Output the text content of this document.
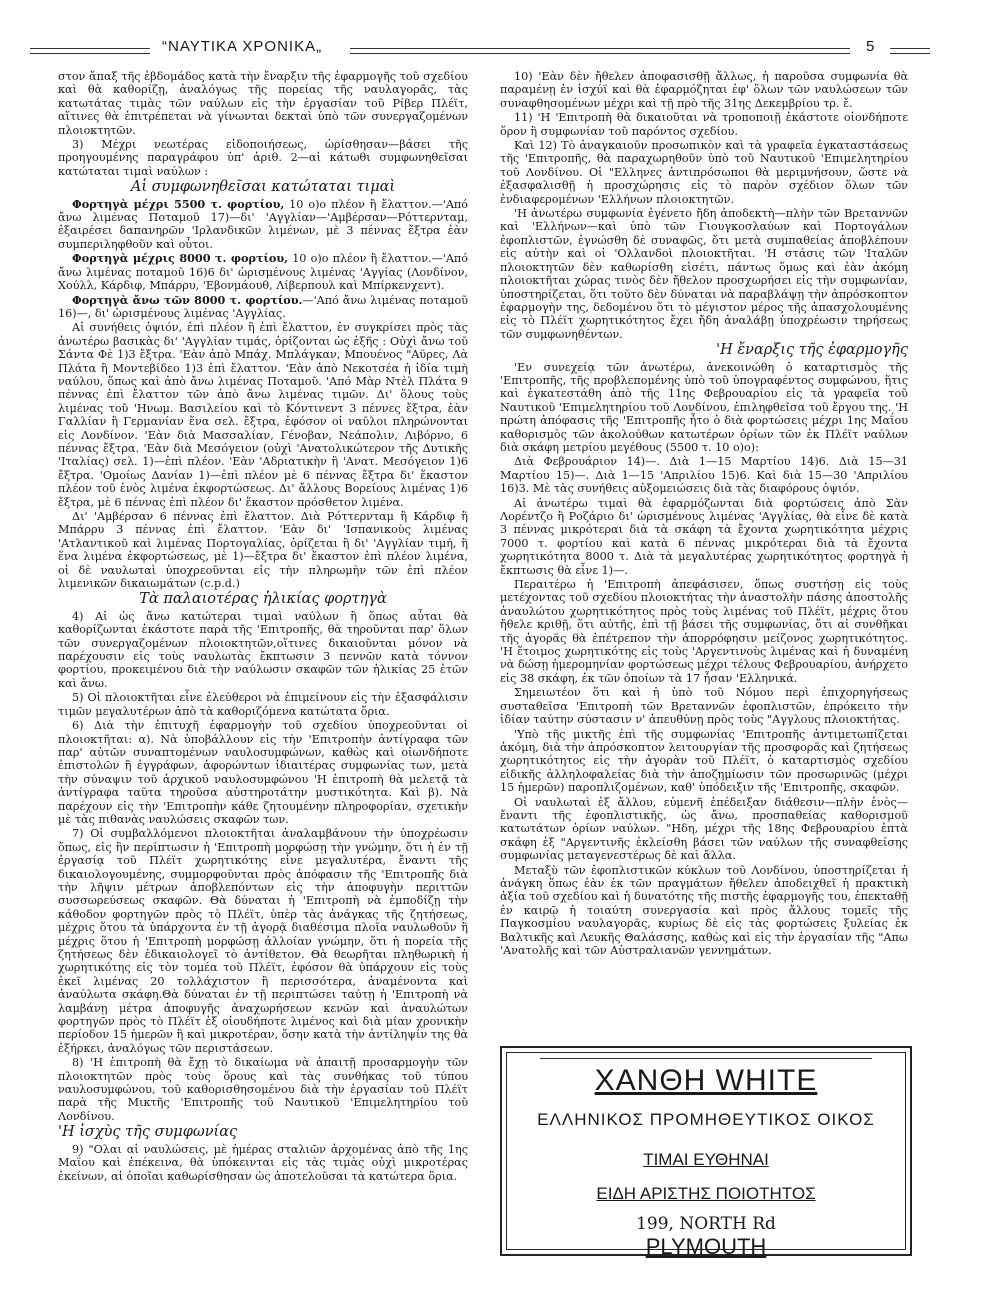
“ΝΑΥΤΙΚΑ ΧΡΟΝΙΚΑ„	5

στον ἅπαξ τῆς ἑβδομάδος κατὰ τὴν ἔναρξιν τῆς ἐφαρμογῆς τοῦ σχεδίου καὶ θὰ καθορίζῃ, ἀναλόγως τῆς πορείας τῆς ναυλαγορᾶς, τὰς κατωτάτας τιμὰς τῶν ναύλων εἰς τὴν ἐργασίαν τοῦ Ρίβερ Πλέϊτ, αἵτινες θὰ ἐπιτρέπεται νὰ γίνωνται δεκταὶ ὑπὸ τῶν συνεργαζομένων πλοιοκτητῶν.

3) Μέχρι νεωτέρας εἰδοποιήσεως, ὡρίσθησαν—βάσει τῆς προηγουμένης παραγράφου ὑπ' ἀριθ. 2—αἱ κάτωθι συμφωνηθεῖσαι κατώταται τιμαὶ ναύλων :

Αἱ συμφωνηθεῖσαι κατώταται τιμαὶ

Φορτηγὰ μέχρι 5500 τ. φορτίου, 10 ο)ο πλέον ἢ ἔλαττον.—'Από ἄνω λιμένας Ποταμοῦ 17)—δι' 'Αγγλίαν—'Αμβέρσαν—Ρόττερνταμ, ἐξαιρέσει δαπανηρῶν 'Ιρλανδικῶν λιμένων, μὲ 3 πέννας ἔξτρα ἐὰν συμπεριληφθοῦν καὶ οὗτοι.

Φορτηγὰ μέχρις 8000 τ. φορτίου, 10 ο)ο πλέον ἢ ἔλαττον.—'Από ἄνω λιμένας ποταμοῦ 16)6 δι' ὡρισμένους λιμένας 'Αγγίας (Λονδίνον, Χούλλ, Κάρδιφ, Μπάρρυ, 'Εβονμάουθ, Λίβερπουλ καὶ Μπίρκενχεντ).

Φορτηγὰ ἄνω τῶν 8000 τ. φορτίου.—'Από ἄνω λιμένας ποταμοῦ 16)—, δι' ὡρισμένους λιμένας 'Αγγλίας.

Αἱ συνήθεις ὀψιόν, ἐπὶ πλέον ἢ ἐπὶ ἔλαττον, ἐν συγκρίσει πρὸς τὰς ἀνωτέρω βασικὰς δι' 'Αγγλίαν τιμάς, ὁρίζονται ὡς ἑξῆς : Οὐχὶ ἄνω τοῦ Σάντα Φὲ 1)3 ἔξτρα. 'Εὰν ἀπὸ Μπάχ. Μπλάγκαν, Μπουένος "Αϋρες, Λὰ Πλάτα ἢ Μοντεβίδεο 1)3 ἐπὶ ἔλαττον. 'Εὰν ἀπὸ Νεκοτσέα ἡ ἰδία τιμὴ ναύλου, ὅπως καὶ ἀπὸ ἄνω λιμένας Ποταμοῦ. 'Από Μὰρ Ντὲλ Πλάτα 9 πέννας ἐπὶ ἔλαττον τῶν ἀπὸ ἄνω λιμένας τιμῶν. Δι' ὅλους τοὺς λιμένας τοῦ 'Ηνωμ. Βασιλείου καὶ τὸ Κόντινεντ 3 πέννες ἔξτρα, ἐὰν Γαλλίαν ἢ Γερμανίαν ἕνα σελ. ἔξτρα, ἐφόσον οἱ ναῦλοι πληρώνονται εἰς Λονδίνον. 'Εὰν διὰ Μασσαλίαν, Γένοβαν, Νεάπολιν, Λιβόρνο, 6 πέννας ἔξτρα. 'Εὰν διὰ Μεσόγειον (οὐχὶ 'Ανατολικώτερον τῆς Δυτικῆς 'Ιταλίας) σελ. 1)—ἐπὶ πλέον. 'Εὰν 'Αδριατικὴν ἢ 'Ανατ. Μεσόγειον 1)6 ἔξτρα. 'Ομοίως Δανίαν 1)—ἐπὶ πλέον μὲ 6 πέννας ἔξτρα δι' ἕκαστον πλέον τοῦ ἑνὸς λιμένα ἐκφορτώσεως. Δι' ἄλλους Βορείους λιμένας 1)6 ἔξτρα, μὲ 6 πέννας ἐπὶ πλέον δι' ἕκαστον πρόσθετον λιμένα.

Δι' 'Αμβέρσαν 6 πέννας ἐπὶ ἔλαττον. Διὰ Ρόττερνταμ ἢ Κάρδιφ ἢ Μπάρρυ 3 πέννας ἐπὶ ἔλαττον. 'Εὰν δι' 'Ισπανικοὺς λιμένας 'Ατλαντικοῦ καὶ λιμένας Πορτογαλίας, ὁρίζεται ἢ δι' 'Αγγλίαν τιμή, ἢ ἕνα λιμένα ἐκφορτώσεως, μὲ 1)—ἔξτρα δι' ἕκαστον ἐπὶ πλέον λιμένα, οἱ δὲ ναυλωταὶ ὑποχρεοῦνται εἰς τὴν πληρωμὴν τῶν ἐπὶ πλέον λιμενικῶν δικαιωμάτων (c.p.d.)

Τὰ παλαιοτέρας ἡλικίας φορτηγὰ

4) Αἱ ὡς ἄνω κατώτεραι τιμαὶ ναύλων ἢ ὅπως αὗται θὰ καθορίζωνται ἑκάστοτε παρὰ τῆς 'Επιτροπῆς, θὰ τηροῦνται παρ' ὅλων τῶν συνεργαζομένων πλοιοκτητῶν,οἵτινες δικαιοῦνται μόνον νὰ παρέχουσιν εἰς τοὺς ναυλωτὰς ἔκπτωσιν 3 πεννῶν κατὰ τόννον φορτίου, προκειμένου διὰ τὴν ναύλωσιν σκαφῶν τῶν ἡλικίας 25 ἐτῶν καὶ ἄνω.

5) Οἱ πλοιοκτῆται εἶνε ἐλεύθεροι νὰ ἐπιμείνουν εἰς τὴν ἐξασφάλισιν τιμῶν μεγαλυτέρων ἀπὸ τὰ καθοριζόμενα κατώτατα ὅρια.

6) Διὰ τὴν ἐπιτυχῆ ἐφαρμογὴν τοῦ σχεδίου ὑποχρεοῦνται οἱ πλοιοκτῆται: α). Νὰ ὑποβάλλουν εἰς τὴν 'Επιτροπὴν ἀντίγραφα τῶν παρ' αὐτῶν συναπτομένων ναυλοσυμφώνων, καθὼς καὶ οἱωνδήποτε ἐπιστολῶν ἢ ἐγγράφων, ἀφορώντων ἰδιαιτέρας συμφωνίας των, μετὰ τὴν σύναψιν τοῦ ἀρχικοῦ ναυλοσυμφώνου 'Η ἐπιτροπὴ θὰ μελετᾷ τὰ ἀντίγραφα ταῦτα τηροῦσα αὐστηροτάτην μυστικότητα. Καὶ β). Νὰ παρέχουν εἰς τὴν 'Επιτροπὴν κάθε ζητουμένην πληροφορίαν, σχετικὴν μὲ τὰς πιθανὰς ναυλώσεις σκαφῶν των.

7) Οἱ συμβαλλόμενοι πλοιοκτῆται ἀναλαμβάνουν τὴν ὑποχρέωσιν ὅπως, εἰς ἣν περίπτωσιν ἡ 'Επιτροπὴ μορφώσῃ τὴν γνώμην, ὅτι ἡ ἐν τῇ ἐργασίᾳ τοῦ Πλέϊτ χωρητικότης εἶνε μεγαλυτέρα, ἔναντι τῆς δικαιολογουμένης, συμμορφοῦνται πρὸς ἀπόφασιν τῆς 'Επιτροπῆς διὰ τὴν λῆψιν μέτρων ἀποβλεπόντων εἰς τὴν ἀποφυγὴν περιττῶν συσσωρεύσεως σκαφῶν. Θὰ δύναται ἡ 'Επιτροπὴ νὰ ἐμποδίζῃ τὴν κάθοδον φορτηγῶν πρὸς τὸ Πλέϊτ, ὑπὲρ τὰς ἀνάγκας τῆς ζητήσεως, μέχρις ὅτου τὰ ὑπάρχοντα ἐν τῇ ἀγορᾷ διαθέσιμα πλοῖα ναυλωθοῦν ἢ μέχρις ὅτου ἡ 'Επιτροπὴ μορφώσῃ ἀλλοίαν γνώμην, ὅτι ἡ πορεία τῆς ζητήσεως δὲν ἐδικαιολογεῖ τὸ ἀντίθετον. Θὰ θεωρῆται πληθωρικὴ ἡ χωρητικότης εἰς τὸν τομέα τοῦ Πλέϊτ, ἐφόσον θὰ ὑπάρχουν εἰς τοὺς ἐκεῖ λιμένας 20 τολλάχιστον ἢ περισσότερα, ἀναμένοντα καὶ ἀναύλωτα σκάφη.Θὰ δύναται ἐν τῇ περιπτώσει ταύτῃ ἡ 'Επιτροπὴ νὰ λαμβάνῃ μέτρα ἀποφυγῆς ἀναχωρήσεων κενῶν καὶ ἀναυλώτων φορτηγῶν πρὸς τὸ Πλέϊτ ἐξ οἱουδήποτε λιμένος καὶ διὰ μίαν χρονικὴν περίοδον 15 ἡμερῶν ἢ καὶ μικροτέραν, ὅσην κατὰ τὴν ἀντίληψίν της θὰ ἐξήρκει, ἀναλόγως τῶν περιστάσεων.

8) 'Η ἐπιτροπὴ θὰ ἔχῃ τὸ δικαίωμα νὰ ἀπαιτῇ προσαρμογὴν τῶν πλοιοκτητῶν πρὸς τοὺς ὅρους καὶ τὰς συνθήκας τοῦ τύπου ναυλοσυμφώνου, τοῦ καθορισθησομένου διὰ τὴν ἐργασίαν τοῦ Πλέϊτ παρὰ τῆς Μικτῆς 'Επιτροπῆς τοῦ Ναυτικοῦ 'Επιμελητηρίου τοῦ Λονδίνου.

'Η ἰσχὺς τῆς συμφωνίας

9) "Ολαι αἱ ναυλώσεις, μὲ ἡμέρας σταλιῶν ἀρχομένας ἀπὸ τῆς 1ης Μαΐου καὶ ἐπέκεινα, θὰ ὑπόκεινται εἰς τὰς τιμὰς οὐχὶ μικροτέρας ἐκείνων, αἱ ὁποῖαι καθωρίσθησαν ὡς ἀποτελοῦσαι τὰ κατώτερα ὅρια.

10) 'Εὰν δὲν ἤθελεν ἀποφασισθῇ ἄλλως, ἡ παροῦσα συμφωνία θὰ παραμένῃ ἐν ἰσχύϊ καὶ θὰ ἐφαρμόζηται ἐφ' ὅλων τῶν ναυλώσεων τῶν συναφθησομένων μέχρι καὶ τῇ πρὸ τῆς 31ης Δεκεμβρίου τρ. ἔ.

11) 'Η 'Επιτροπὴ θὰ δικαιοῦται νὰ τροποποιῇ ἑκάστοτε οἱονδήποτε ὅρον ἢ συμφωνίαν τοῦ παρόντος σχεδίου.

Καὶ 12) Τὸ ἀναγκαιοῦν προσωπικὸν καὶ τὰ γραφεῖα ἐγκαταστάσεως τῆς 'Επιτροπῆς, θὰ παραχωρηθοῦν ὑπὸ τοῦ Ναυτικοῦ 'Επιμελητηρίου τοῦ Λονδίνου. Οἱ "Ελληνες ἀντιπρόσωποι θὰ μεριμνήσουν, ὥστε νὰ ἐξασφαλισθῇ ἡ προσχώρησις εἰς τὸ παρὸν σχέδιον ὅλων τῶν ἐνδιαφερομένων 'Ελλήνων πλοιοκτητῶν.

'Η ἀνωτέρω συμφωνία ἐγένετο ἤδη ἀποδεκτὴ—πλὴν τῶν Βρεταννῶν καὶ 'Ελλήνων—καὶ ὑπὸ τῶν Γιουγκοσλαύων καὶ Πορτογάλων ἐφοπλιστῶν, ἐγνώσθη δὲ συναφῶς, ὅτι μετὰ συμπαθείας ἀποβλέπουν εἰς αὐτὴν καὶ οἱ 'Ολλανδοὶ πλοιοκτῆται. 'Η στάσις τῶν 'Ιταλῶν πλοιοκτητῶν δὲν καθωρίσθη εἰσέτι, πάντως ὅμως καὶ ἐὰν ἀκόμη πλοιοκτῆται χώρας τινὸς δὲν ἤθελον προσχωρήσει εἰς τὴν συμφωνίαν, ὑποστηρίζεται, ὅτι τοῦτο δὲν δύναται νὰ παραβλάψῃ τὴν ἀπρόσκοπτον ἐφαρμογὴν της, δεδομένου ὅτι τὸ μέγιστον μέρος τῆς ἀπασχολουμένης εἰς τὸ Πλέϊτ χωρητικότητος ἔχει ἤδη ἀναλάβῃ ὑποχρέωσιν τηρήσεως τῶν συμφωνηθέντων.

'Η ἔναρξις τῆς ἐφαρμογῆς

'Εν συνεχείᾳ τῶν ἀνωτέρω, ἀνεκοινώθη ὁ καταρτισμὸς τῆς 'Επιτροπῆς, τῆς προβλεπομένης ὑπὸ τοῦ ὑπογραφέντος συμφώνου, ἥτις καὶ ἐγκατεστάθη ἀπὸ τῆς 11ης Φεβρουαρίου εἰς τὰ γραφεῖα τοῦ Ναυτικοῦ 'Επιμελητηρίου τοῦ Λονδίνου, ἐπιληφθεῖσα τοῦ ἔργου της. 'Η πρώτη ἀπόφασις τῆς 'Επιτροπῆς ἦτο ὁ διὰ φορτώσεις μέχρι 1ης Μαΐου καθορισμὸς τῶν ἀκολούθων κατωτέρων ὁρίων τῶν ἐκ Πλέϊτ ναύλων διὰ σκάφη μετρίου μεγέθους (5500 τ. 10 ο)ο):

Διὰ Φεβρουάριον 14)—. Διὰ 1—15 Μαρτίου 14)6. Διὰ 15—31 Μαρτίου 15)—. Διὰ 1—15 'Απριλίου 15)6. Καὶ διὰ 15—30 'Απριλίου 16)3. Μὲ τὰς συνήθεις αὐξομειώσεις διὰ τὰς διαφόρους ὀψιόν.

Αἱ ἀνωτέρω τιμαὶ θὰ ἐφαρμόζωνται διὰ φορτώσεις ἀπὸ Σὰν Λορέντζο ἢ Ροζάριο δι' ὡρισμένους λιμένας 'Αγγλίας, θὰ εἶνε δὲ κατὰ 3 πέννας μικρότεραι διὰ τὰ σκάφη τὰ ἔχοντα χωρητικότητα μέχρις 7000 τ. φορτίου καὶ κατὰ 6 πέννας μικρότεραι διὰ τὰ ἔχοντα χωρητικότητα 8000 τ. Διὰ τὰ μεγαλυτέρας χωρητικότητος φορτηγὰ ἡ ἔκπτωσις θὰ εἶνε 1)—.

Περαιτέρω ἡ 'Επιτροπὴ ἀπεφάσισεν, ὅπως συστήσῃ εἰς τοὺς μετέχοντας τοῦ σχεδίου πλοιοκτήτας τὴν ἀναστολὴν πάσης ἀποστολῆς ἀναυλώτου χωρητικότητος πρὸς τοὺς λιμένας τοῦ Πλέϊτ, μέχρις ὅτου ἤθελε κριθῇ, ὅτι αὐτῆς, ἐπὶ τῇ βάσει τῆς συμφωνίας, ὅτι αἱ συνθῆκαι τῆς ἀγορᾶς θὰ ἐπέτρεπον τὴν ἀπορρόφησιν μείζονος χωρητικότητος. 'Η ἕτοιμος χωρητικότης εἰς τοὺς 'Αργεντινοὺς λιμένας καὶ ἡ δυναμένη νὰ δώσῃ ἡμερομηνίαν φορτώσεως μέχρι τέλους Φεβρουαρίου, ἀνήρχετο εἰς 38 σκάφη, ἐκ τῶν ὁποίων τὰ 17 ἦσαν 'Ελληνικά.

Σημειωτέον ὅτι καὶ ἡ ὑπὸ τοῦ Νόμου περὶ ἐπιχορηγήσεως συσταθεῖσα 'Επιτροπὴ τῶν Βρεταννῶν ἐφοπλιστῶν, ἐπρόκειτο τὴν ἰδίαν ταύτην σύστασιν ν' ἀπευθύνῃ πρὸς τοὺς "Αγγλους πλοιοκτήτας.

'Υπὸ τῆς μικτῆς ἐπὶ τῆς συμφωνίας 'Επιτροπῆς ἀντιμετωπίζεται ἀκόμη, διὰ τὴν ἀπρόσκοπτον λειτουργίαν τῆς προσφορᾶς καὶ ζητήσεως χωρητικότητος εἰς τὴν ἀγορὰν τοῦ Πλέϊτ, ὁ καταρτισμὸς σχεδίου εἰδικῆς ἀλληλοφαλείας διὰ τὴν ἀποζημίωσιν τῶν προσωρινῶς (μέχρι 15 ἡμερῶν) παροπλιζομένων, καθ' ὑπόδειξιν τῆς 'Επιτροπῆς, σκαφῶν.

Οἱ ναυλωταὶ ἐξ ἄλλου, εὐμενῆ ἐπέδειξαν διάθεσιν—πλὴν ἑνὸς—ἔναντι τῆς ἐφοπλιστικῆς, ὡς ἄνω, προσπαθείας καθορισμοῦ κατωτάτων ὁρίων ναύλων. "Ηδη, μέχρι τῆς 18ης Φεβρουαρίου ἐπτὰ σκάφη ἐξ "Αργεντινῆς ἐκλείσθη βάσει τῶν ναύλων τῆς συναφθείσης συμφωνίας μεταγενεστέρως δὲ καὶ ἄλλα.

Μεταξὺ τῶν ἐφοπλιστικῶν κύκλων τοῦ Λονδίνου, ὑποστηρίζεται ἡ ἀνάγκη ὅπως ἐὰν ἐκ τῶν πραγμάτων ἤθελεν ἀποδειχθεῖ ἡ πρακτικὴ ἀξία τοῦ σχεδίου καὶ ἡ δυνατότης τῆς πιστῆς ἐφαρμογῆς του, ἐπεκταθῇ ἐν καιρῷ ἡ τοιαύτη συνεργασία καὶ πρὸς ἄλλους τομεῖς τῆς Παγκοσμίου ναυλαγορᾶς, κυρίως δὲ εἰς τὰς φορτώσεις ξυλείας ἐκ Βαλτικῆς καὶ Λευκῆς Θαλάσσης, καθὼς καὶ εἰς τὴν ἐργασίαν τῆς "Απω 'Ανατολῆς καὶ τῶν Αὐστραλιανῶν γεννημάτων.

ΧΑΝΘΗ WHITE
ΕΛΛΗΝΙΚΟΣ ΠΡΟΜΗΘΕΥΤΙΚΟΣ ΟΙΚΟΣ
ΤΙΜΑΙ ΕΥΘΗΝΑΙ
ΕΙΔΗ ΑΡΙΣΤΗΣ ΠΟΙΟΤΗΤΟΣ
199, NORTH Rd
PLYMOUTH
